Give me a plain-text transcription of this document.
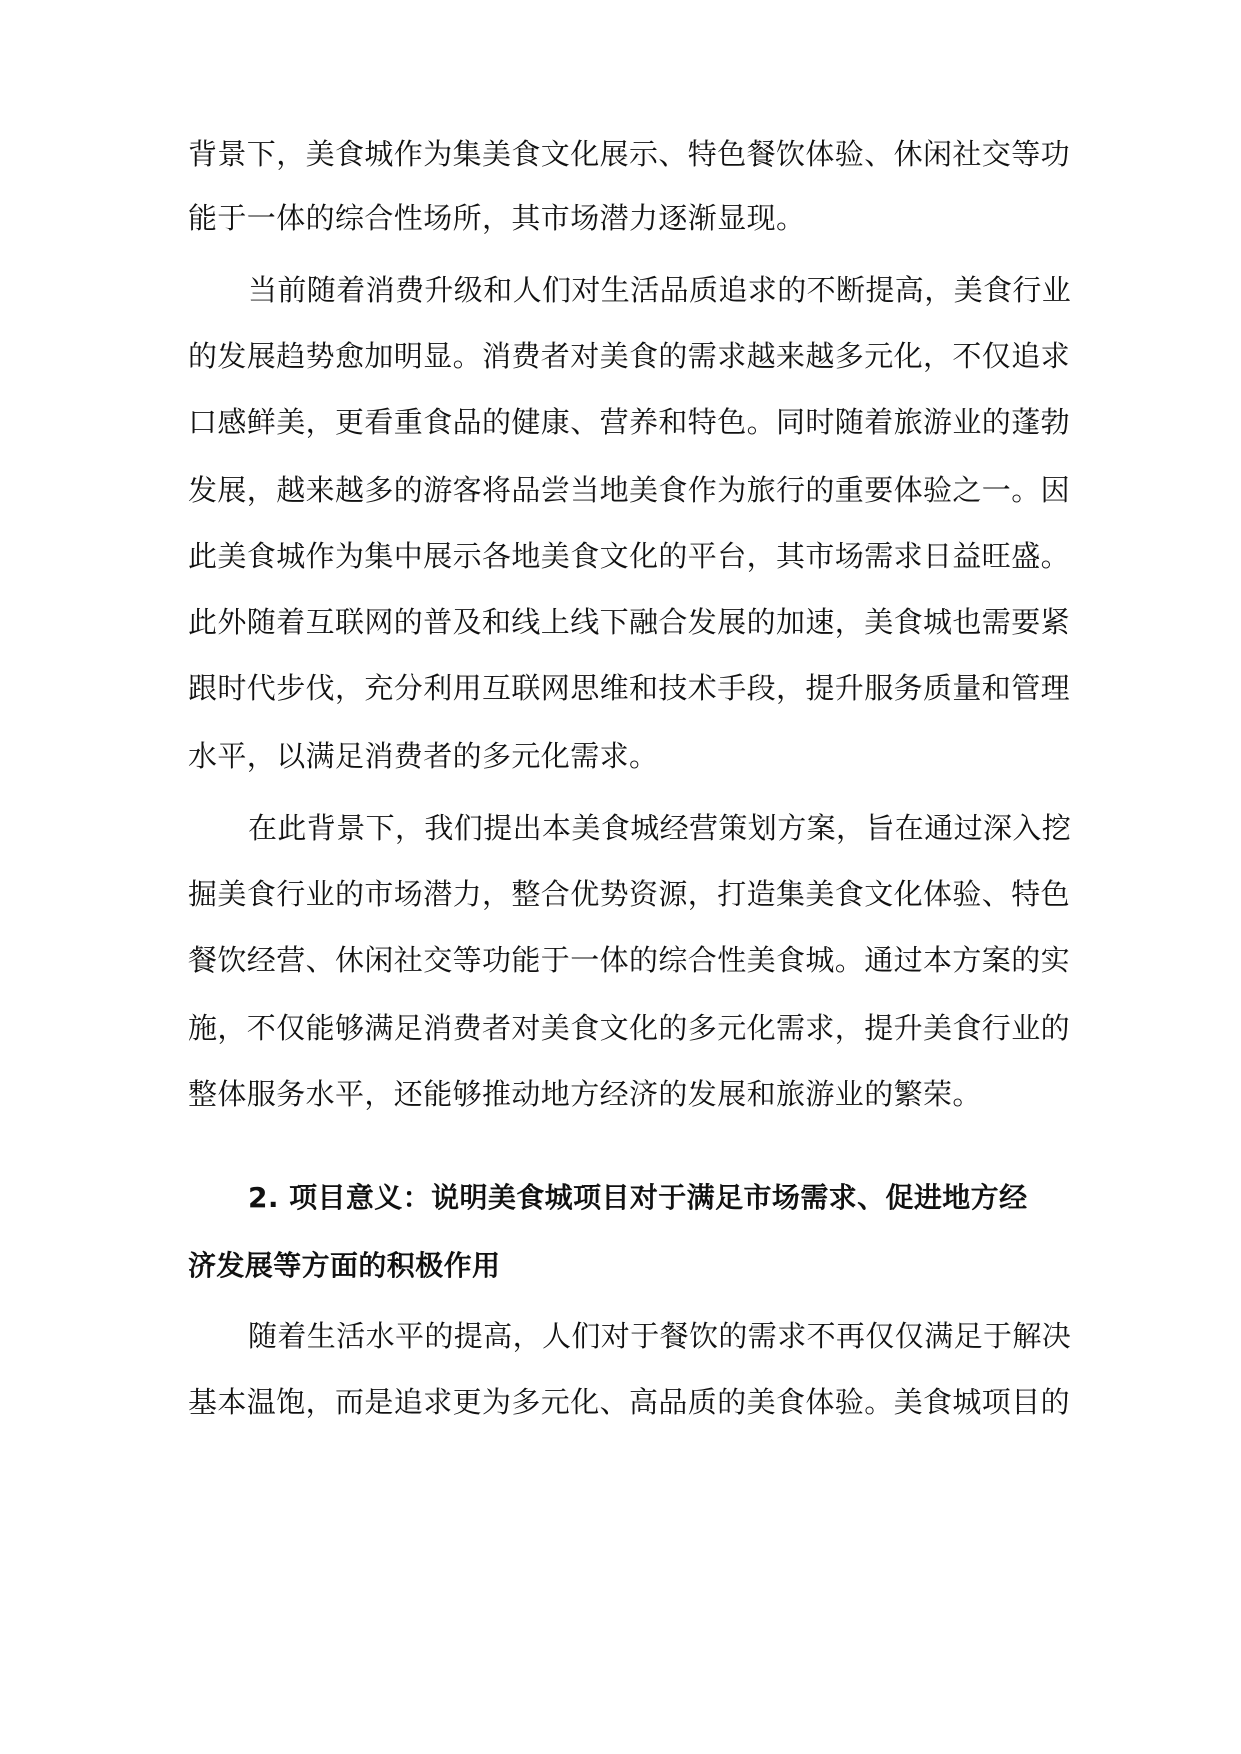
背景下，美食城作为集美食文化展示、特色餐饮体验、休闲社交等功
能于一体的综合性场所，其市场潜力逐渐显现。
当前随着消费升级和人们对生活品质追求的不断提高，美食行业
的发展趋势愈加明显。消费者对美食的需求越来越多元化，不仅追求
口感鲜美，更看重食品的健康、营养和特色。同时随着旅游业的蓬勃
发展，越来越多的游客将品尝当地美食作为旅行的重要体验之一。因
此美食城作为集中展示各地美食文化的平台，其市场需求日益旺盛。
此外随着互联网的普及和线上线下融合发展的加速，美食城也需要紧
跟时代步伐，充分利用互联网思维和技术手段，提升服务质量和管理
水平，以满足消费者的多元化需求。
在此背景下，我们提出本美食城经营策划方案，旨在通过深入挖
掘美食行业的市场潜力，整合优势资源，打造集美食文化体验、特色
餐饮经营、休闲社交等功能于一体的综合性美食城。通过本方案的实
施，不仅能够满足消费者对美食文化的多元化需求，提升美食行业的
整体服务水平，还能够推动地方经济的发展和旅游业的繁荣。
2. 项目意义：说明美食城项目对于满足市场需求、促进地方经
济发展等方面的积极作用
随着生活水平的提高，人们对于餐饮的需求不再仅仅满足于解决
基本温饱，而是追求更为多元化、高品质的美食体验。美食城项目的
